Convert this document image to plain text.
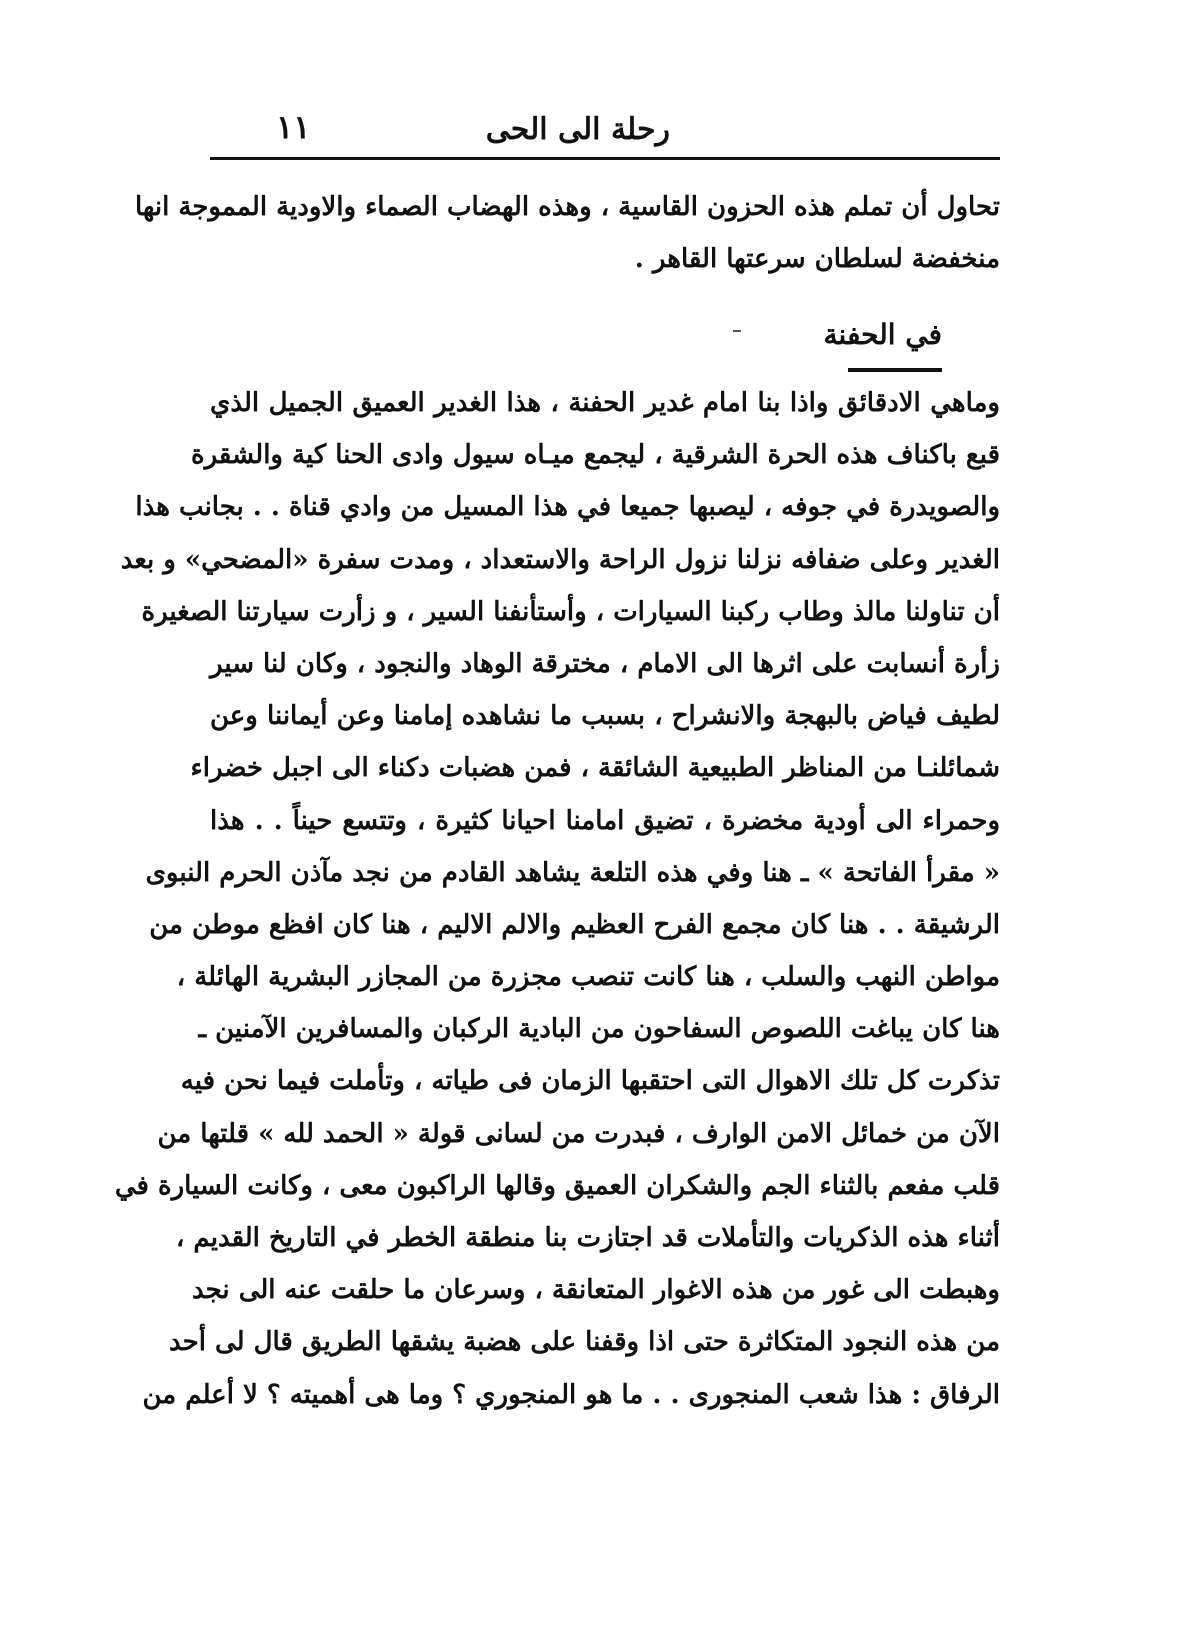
رحلة الى الحى
١١
تحاول أن تملم هذه الحزون القاسية ، وهذه الهضاب الصماء والاودية المموجة انها
منخفضة لسلطان سرعتها القاهر .
في الحفنة
وماهي الادقائق واذا بنا امام غدير الحفنة ، هذا الغدير العميق الجميل الذي
قبع باكناف هذه الحرة الشرقية ، ليجمع ميـاه سيول وادى الحنا كية والشقرة
والصويدرة في جوفه ، ليصبها جميعا في هذا المسيل من وادي قناة . . بجانب هذا
الغدير وعلى ضفافه نزلنا نزول الراحة والاستعداد ، ومدت سفرة «المضحي» و بعد
أن تناولنا مالذ وطاب ركبنا السيارات ، وأستأنفنا السير ، و زأرت سيارتنا الصغيرة
زأرة أنسابت على اثرها الى الامام ، مخترقة الوهاد والنجود ، وكان لنا سير
لطيف فياض بالبهجة والانشراح ، بسبب ما نشاهده إمامنا وعن أيماننا وعن
شمائلنـا من المناظر الطبيعية الشائقة ، فمن هضبات دكناء الى اجبل خضراء
وحمراء الى أودية مخضرة ، تضيق امامنا احيانا كثيرة ، وتتسع حيناً . . هذا
« مقرأ الفاتحة » ـ هنا وفي هذه التلعة يشاهد القادم من نجد مآذن الحرم النبوى
الرشيقة . . هنا كان مجمع الفرح العظيم والالم الاليم ، هنا كان افظع موطن من
مواطن النهب والسلب ، هنا كانت تنصب مجزرة من المجازر البشرية الهائلة ،
هنا كان يباغت اللصوص السفاحون من البادية الركبان والمسافرين الآمنين ـ
تذكرت كل تلك الاهوال التى احتقبها الزمان فى طياته ، وتأملت فيما نحن فيه
الآن من خمائل الامن الوارف ، فبدرت من لسانى قولة « الحمد لله » قلتها من
قلب مفعم بالثناء الجم والشكران العميق وقالها الراكبون معى ، وكانت السيارة في
أثناء هذه الذكريات والتأملات قد اجتازت بنا منطقة الخطر في التاريخ القديم ،
وهبطت الى غور من هذه الاغوار المتعانقة ، وسرعان ما حلقت عنه الى نجد
من هذه النجود المتكاثرة حتى اذا وقفنا على هضبة يشقها الطريق قال لى أحد
الرفاق : هذا شعب المنجورى . . ما هو المنجوري ؟ وما هى أهميته ؟ لا أعلم من
